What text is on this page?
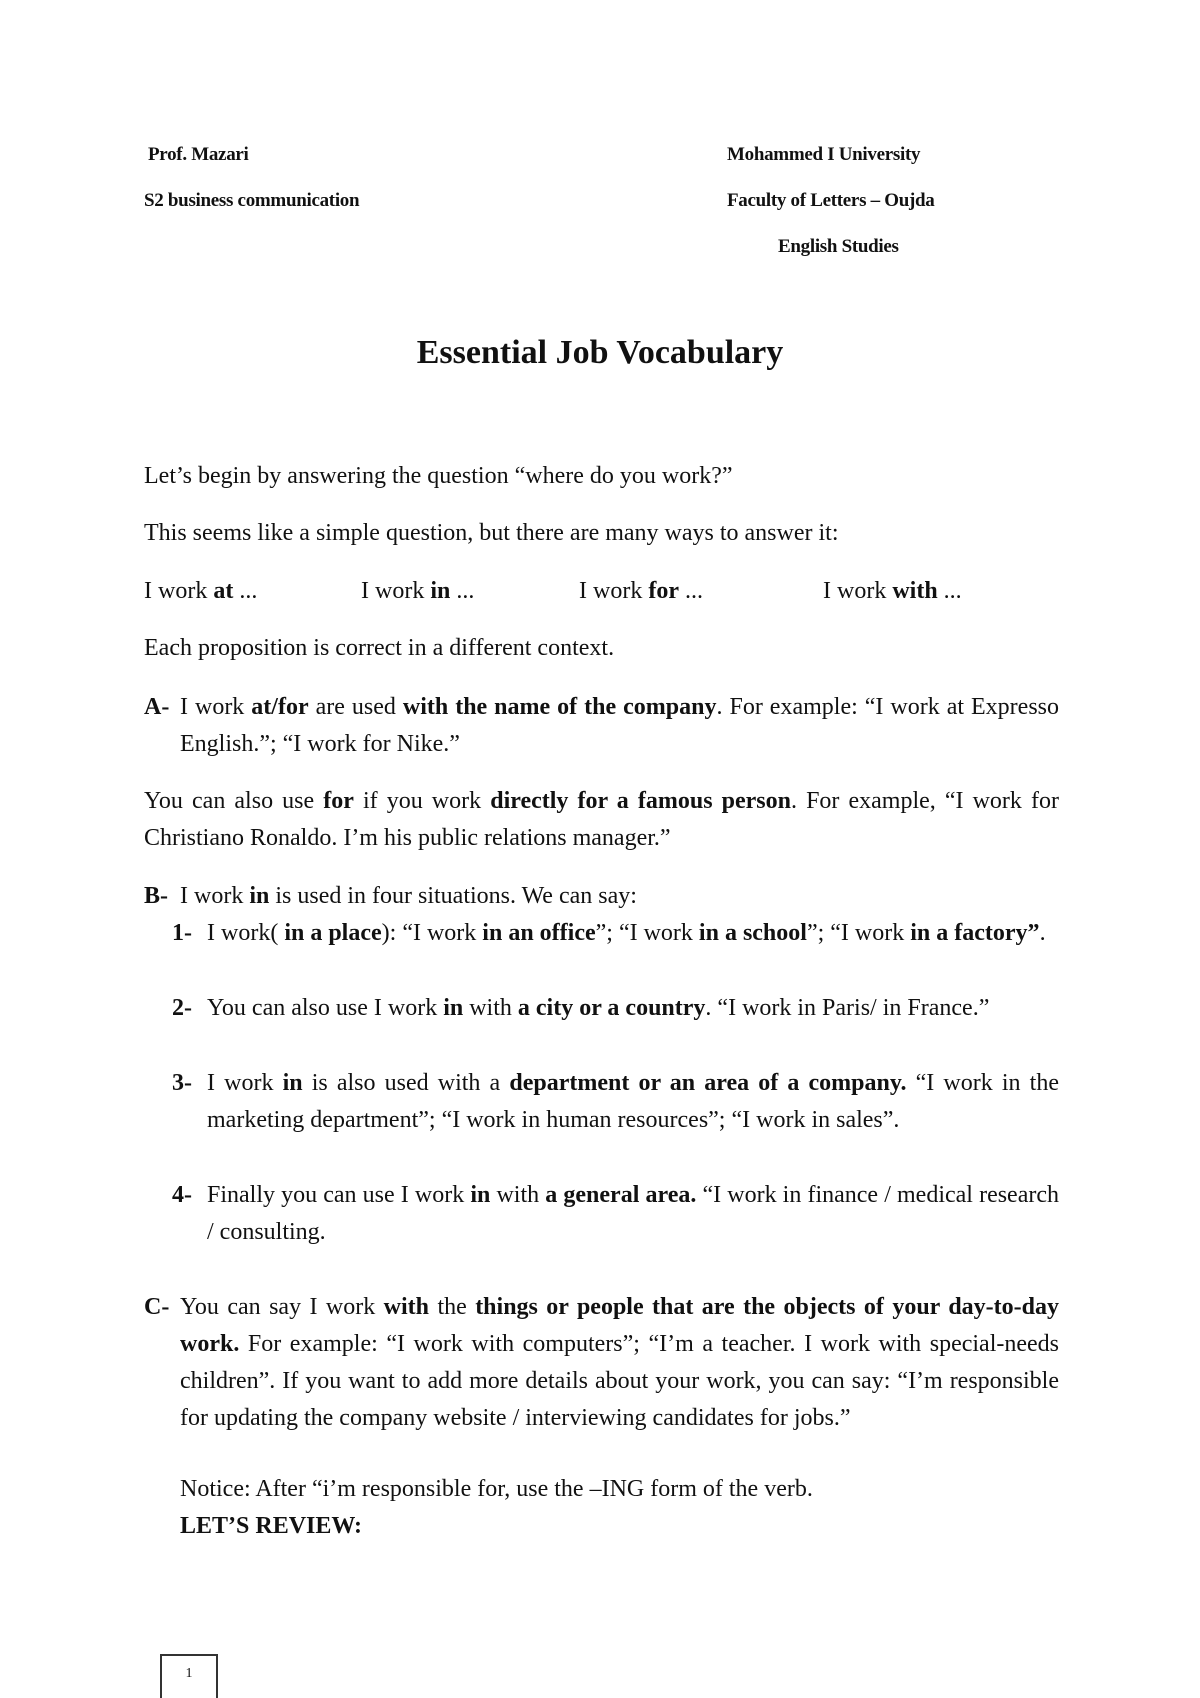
Prof. Mazari
S2 business communication
Mohammed I University
Faculty of Letters – Oujda
English Studies
Essential Job Vocabulary
Let’s begin by answering the question “where do you work?”
This seems like a simple question, but there are many ways to answer it:
I work at ...	I work in ...	I work for ...	I work with ...
Each proposition is correct in a different context.
A- I work at/for are used with the name of the company. For example: “I work at Expresso English.”; “I work for Nike.”
You can also use for if you work directly for a famous person. For example, “I work for Christiano Ronaldo. I’m his public relations manager.”
B- I work in is used in four situations. We can say:
1- I work( in a place): “I work in an office”; “I work in a school”; “I work in a factory”.
2- You can also use I work in with a city or a country. “I work in Paris/ in France.”
3- I work in is also used with a department or an area of a company. “I work in the marketing department”; “I work in human resources”; “I work in sales”.
4- Finally you can use I work in with a general area. “I work in finance / medical research / consulting.
C- You can say I work with the things or people that are the objects of your day-to-day work. For example: “I work with computers”; “I’m a teacher. I work with special-needs children”. If you want to add more details about your work, you can say: “I’m responsible for updating the company website / interviewing candidates for jobs.”
Notice: After “i’m responsible for, use the –ING form of the verb.
LET’S REVIEW:
1
